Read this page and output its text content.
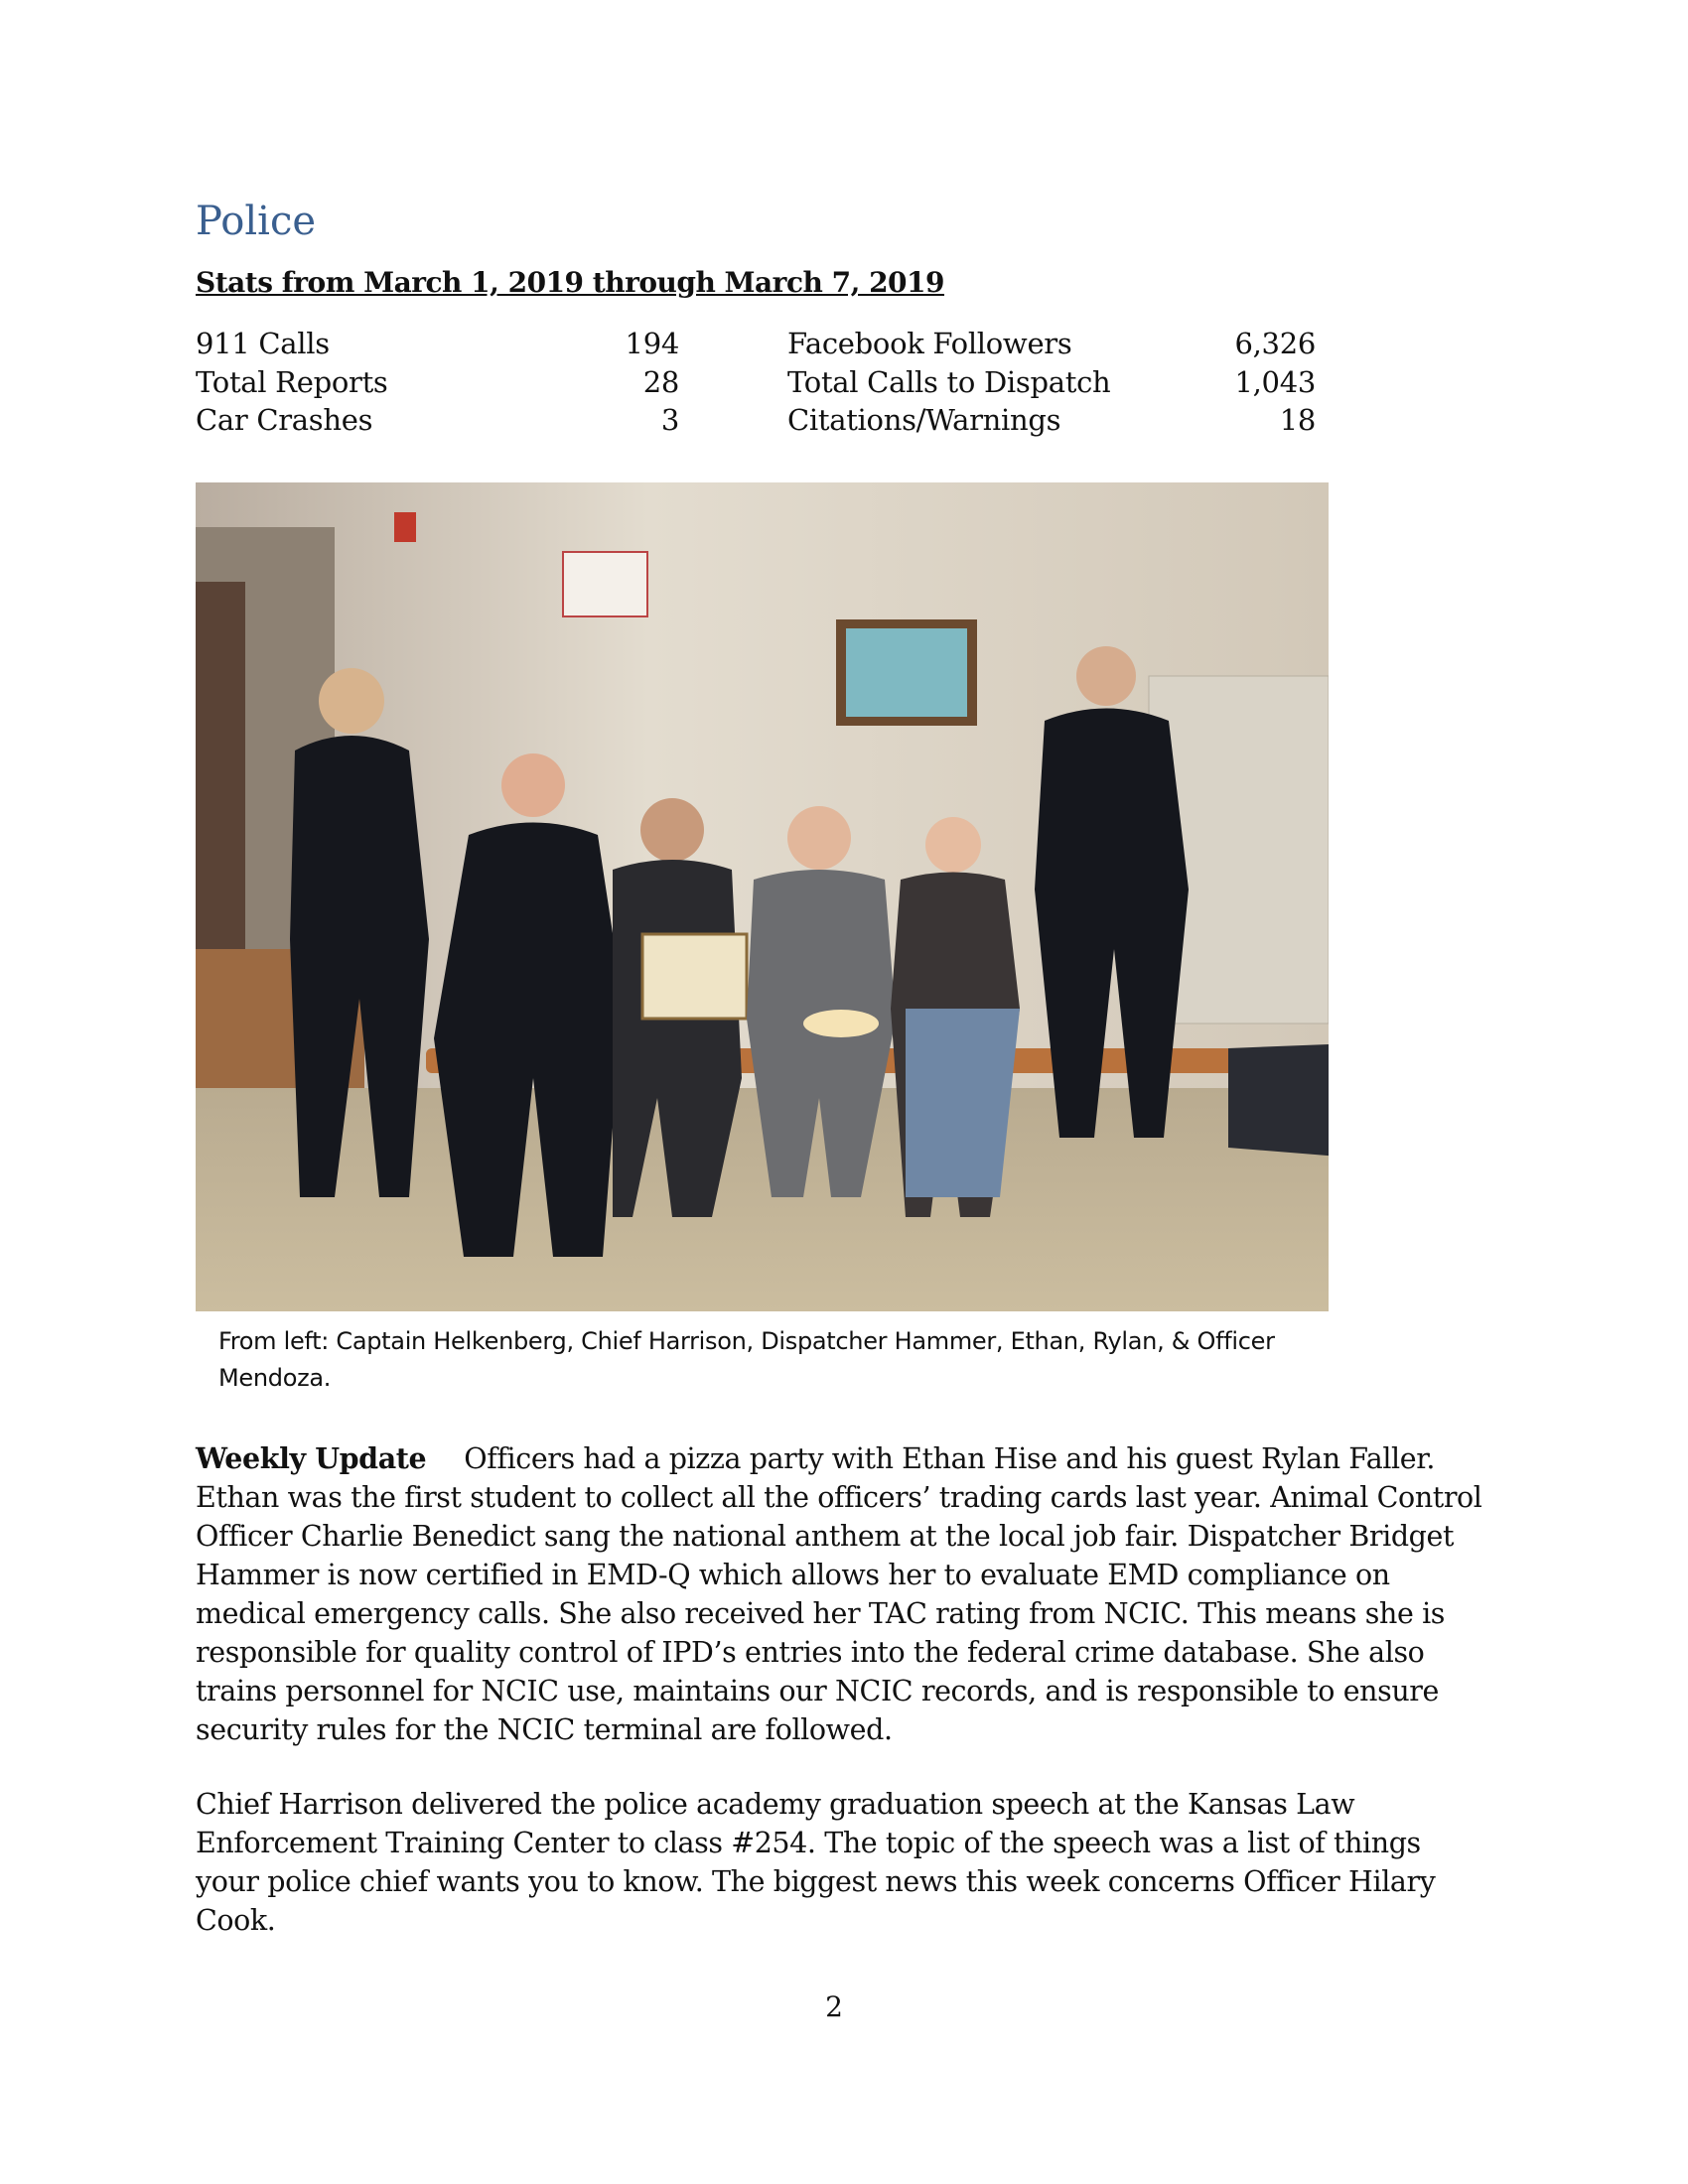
Police
Stats from March 1, 2019 through March 7, 2019
911 Calls	194
Total Reports	28
Car Crashes	3
Facebook Followers	6,326
Total Calls to Dispatch	1,043
Citations/Warnings	18
From left: Captain Helkenberg, Chief Harrison, Dispatcher Hammer, Ethan, Rylan, & Officer Mendoza.
Weekly Update Officers had a pizza party with Ethan Hise and his guest Rylan Faller. Ethan was the first student to collect all the officers’ trading cards last year. Animal Control Officer Charlie Benedict sang the national anthem at the local job fair. Dispatcher Bridget Hammer is now certified in EMD-Q which allows her to evaluate EMD compliance on medical emergency calls. She also received her TAC rating from NCIC. This means she is responsible for quality control of IPD’s entries into the federal crime database. She also trains personnel for NCIC use, maintains our NCIC records, and is responsible to ensure security rules for the NCIC terminal are followed.
Chief Harrison delivered the police academy graduation speech at the Kansas Law Enforcement Training Center to class #254. The topic of the speech was a list of things your police chief wants you to know. The biggest news this week concerns Officer Hilary Cook.
2
